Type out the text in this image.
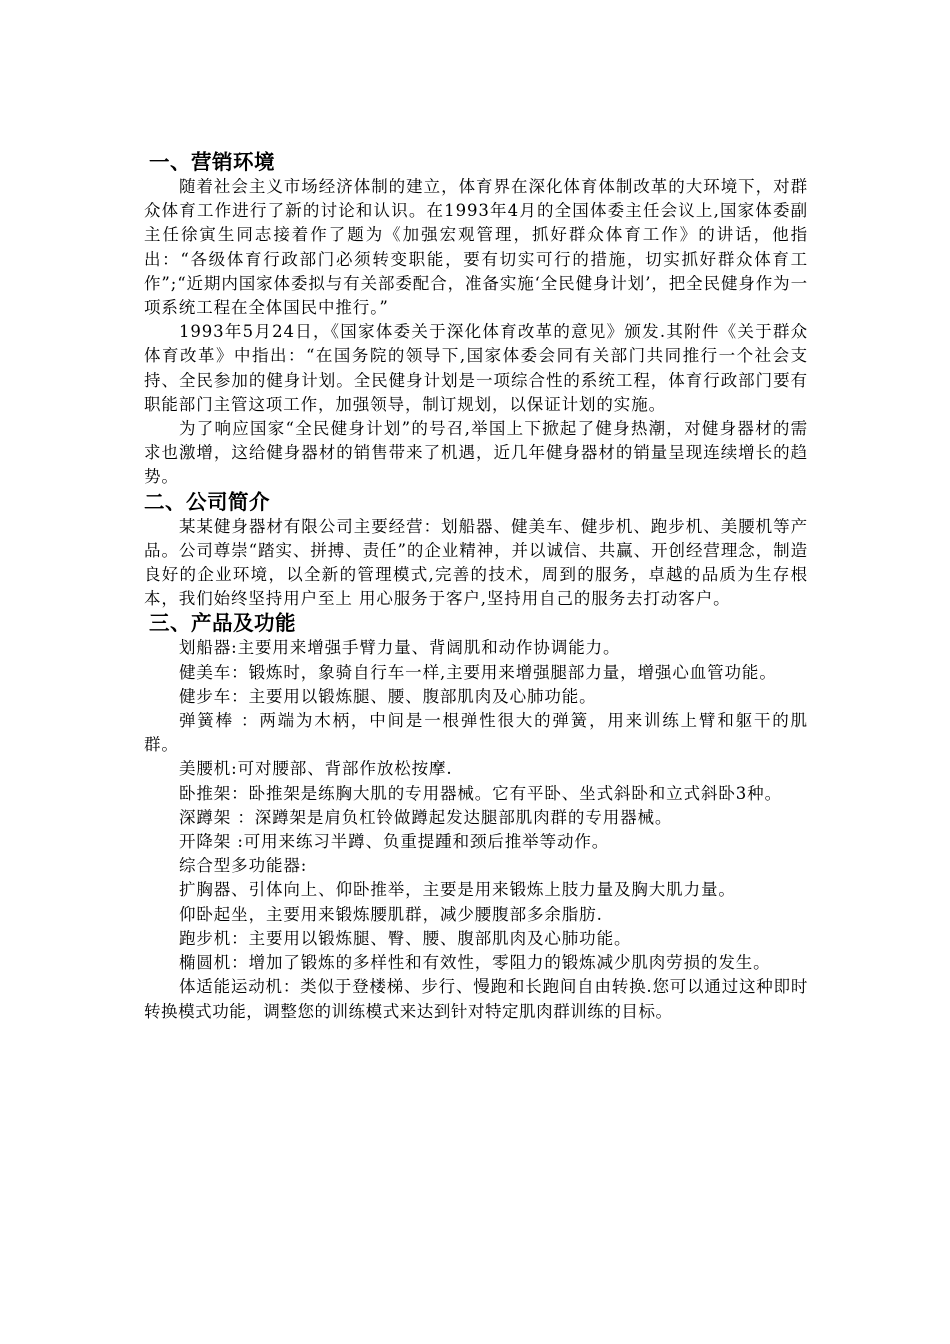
一、营销环境

随着社会主义市场经济体制的建立，体育界在深化体育体制改革的大环境下，对群众体育工作进行了新的讨论和认识。在1993年4月的全国体委主任会议上,国家体委副主任徐寅生同志接着作了题为《加强宏观管理，抓好群众体育工作》的讲话，他指出：“各级体育行政部门必须转变职能，要有切实可行的措施，切实抓好群众体育工作”;“近期内国家体委拟与有关部委配合，准备实施‘全民健身计划’，把全民健身作为一项系统工程在全体国民中推行。”

1993年5月24日，《国家体委关于深化体育改革的意见》颁发.其附件《关于群众体育改革》中指出：“在国务院的领导下,国家体委会同有关部门共同推行一个社会支持、全民参加的健身计划。全民健身计划是一项综合性的系统工程，体育行政部门要有职能部门主管这项工作，加强领导，制订规划，以保证计划的实施。

为了响应国家“全民健身计划”的号召,举国上下掀起了健身热潮，对健身器材的需求也激增，这给健身器材的销售带来了机遇，近几年健身器材的销量呈现连续增长的趋势。

二、公司简介

某某健身器材有限公司主要经营：划船器、健美车、健步机、跑步机、美腰机等产品。公司尊崇“踏实、拼搏、责任”的企业精神，并以诚信、共赢、开创经营理念，制造良好的企业环境，以全新的管理模式,完善的技术，周到的服务，卓越的品质为生存根本，我们始终坚持用户至上 用心服务于客户,坚持用自己的服务去打动客户。

三、产品及功能

划船器:主要用来增强手臂力量、背阔肌和动作协调能力。

健美车：锻炼时，象骑自行车一样,主要用来增强腿部力量，增强心血管功能。

健步车：主要用以锻炼腿、腰、腹部肌肉及心肺功能。

弹簧棒 ：两端为木柄，中间是一根弹性很大的弹簧，用来训练上臂和躯干的肌群。

美腰机:可对腰部、背部作放松按摩.

卧推架：卧推架是练胸大肌的专用器械。它有平卧、坐式斜卧和立式斜卧3种。

深蹲架 ：深蹲架是肩负杠铃做蹲起发达腿部肌肉群的专用器械。

开降架 :可用来练习半蹲、负重提踵和颈后推举等动作。

综合型多功能器:

扩胸器、引体向上、仰卧推举，主要是用来锻炼上肢力量及胸大肌力量。

仰卧起坐，主要用来锻炼腰肌群，减少腰腹部多余脂肪.

跑步机：主要用以锻炼腿、臀、腰、腹部肌肉及心肺功能。

椭圆机：增加了锻炼的多样性和有效性，零阻力的锻炼减少肌肉劳损的发生。

体适能运动机：类似于登楼梯、步行、慢跑和长跑间自由转换.您可以通过这种即时转换模式功能，调整您的训练模式来达到针对特定肌肉群训练的目标。
